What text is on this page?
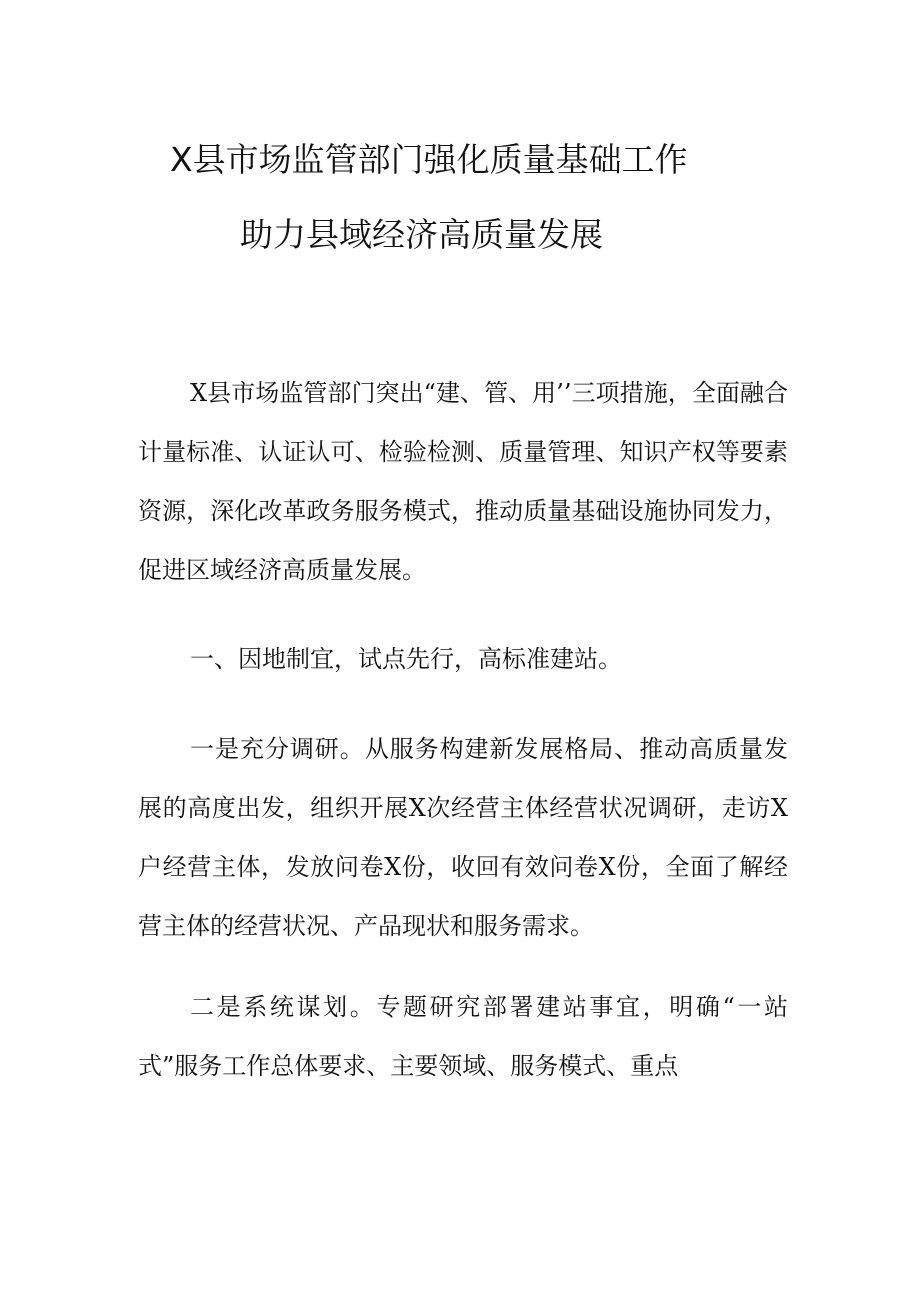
X县市场监管部门强化质量基础工作
助力县域经济高质量发展

X县市场监管部门突出“建、管、用’’三项措施，全面融合计量标准、认证认可、检验检测、质量管理、知识产权等要素资源，深化改革政务服务模式，推动质量基础设施协同发力，促进区域经济高质量发展。

一、因地制宜，试点先行，高标准建站。

一是充分调研。从服务构建新发展格局、推动高质量发展的高度出发，组织开展X次经营主体经营状况调研，走访X户经营主体，发放问卷X份，收回有效问卷X份，全面了解经营主体的经营状况、产品现状和服务需求。

二是系统谋划。专题研究部署建站事宜，明确“一站式”服务工作总体要求、主要领域、服务模式、重点
